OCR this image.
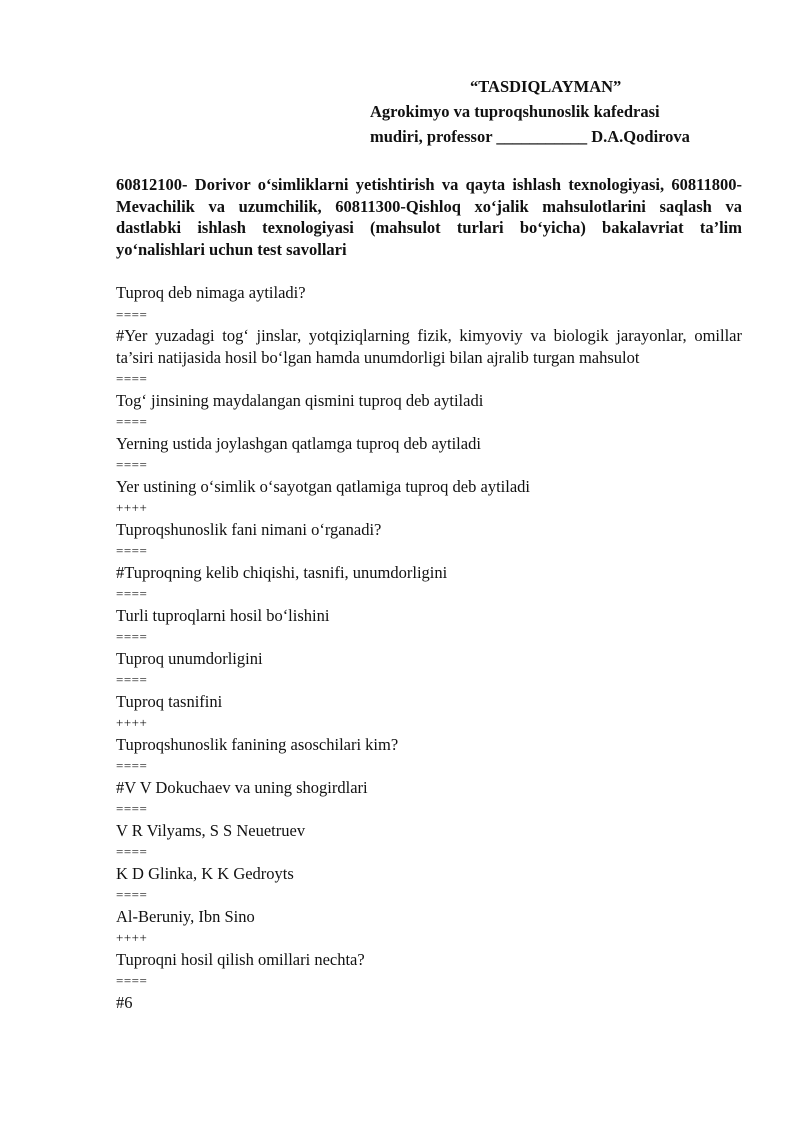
“TASDIQLAYMAN”
Agrokimyo va tuproqshunoslik kafedrasi
mudiri, professor ___________ D.A.Qodirova
60812100- Dorivor o‘simliklarni yetishtirish va qayta ishlash texnologiyasi, 60811800- Mevachilik va uzumchilik, 60811300-Qishloq xo‘jalik mahsulotlarini saqlash va dastlabki ishlash texnologiyasi (mahsulot turlari bo‘yicha) bakalavriat ta’lim yo‘nalishlari uchun test savollari
Tuproq deb nimaga aytiladi?
====
#Yer yuzadagi tog‘ jinslar, yotqiziqlarning fizik, kimyoviy va biologik jarayonlar, omillar ta’siri natijasida hosil bo‘lgan hamda unumdorligi bilan ajralib turgan mahsulot
====
Tog‘ jinsining maydalangan qismini tuproq deb aytiladi
====
Yerning ustida joylashgan qatlamga tuproq deb aytiladi
====
Yer ustining o‘simlik o‘sayotgan qatlamiga tuproq deb aytiladi
++++
Tuproqshunoslik fani nimani o‘rganadi?
====
#Tuproqning kelib chiqishi, tasnifi, unumdorligini
====
Turli tuproqlarni hosil bo‘lishini
====
Tuproq unumdorligini
====
Tuproq tasnifini
++++
Tuproqshunoslik fanining asoschilari kim?
====
#V V Dokuchaev va uning shogirdlari
====
V R Vilyams, S S Neuetruev
====
K D Glinka, K K Gedroyts
====
Al-Beruniy, Ibn Sino
++++
Tuproqni hosil qilish omillari nechta?
====
#6
